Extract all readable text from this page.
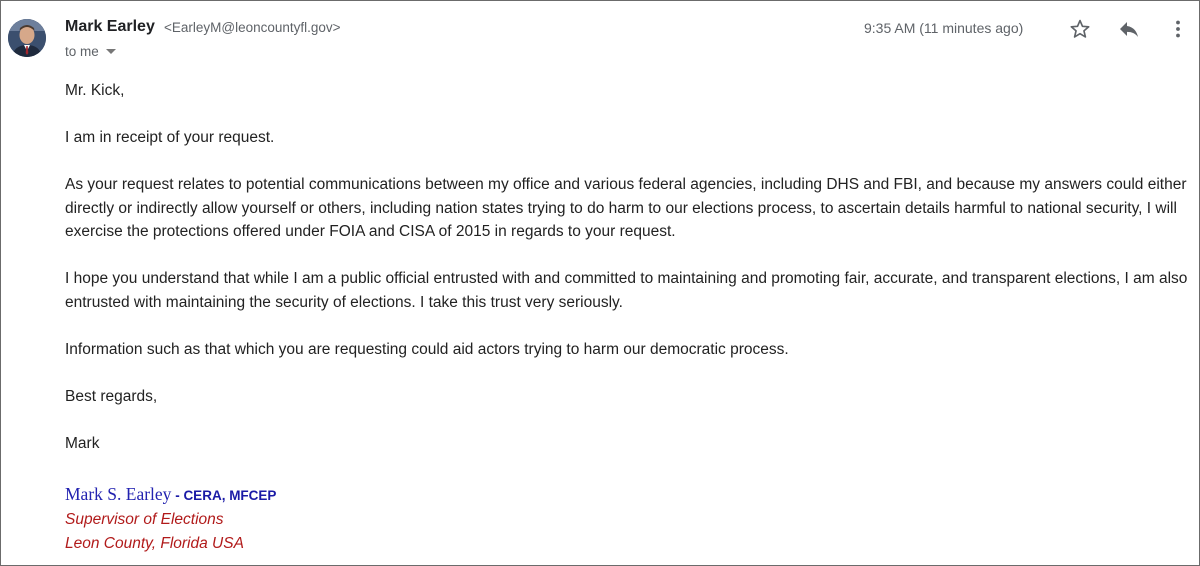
Mark Earley <EarleyM@leoncountyfl.gov>
to me
9:35 AM (11 minutes ago)

Mr. Kick,

I am in receipt of your request.

As your request relates to potential communications between my office and various federal agencies, including DHS and FBI, and because my answers could either directly or indirectly allow yourself or others, including nation states trying to do harm to our elections process, to ascertain details harmful to national security, I will exercise the protections offered under FOIA and CISA of 2015 in regards to your request.

I hope you understand that while I am a public official entrusted with and committed to maintaining and promoting fair, accurate, and transparent elections, I am also entrusted with maintaining the security of elections. I take this trust very seriously.

Information such as that which you are requesting could aid actors trying to harm our democratic process.

Best regards,

Mark

Mark S. Earley - CERA, MFCEP
Supervisor of Elections
Leon County, Florida USA
